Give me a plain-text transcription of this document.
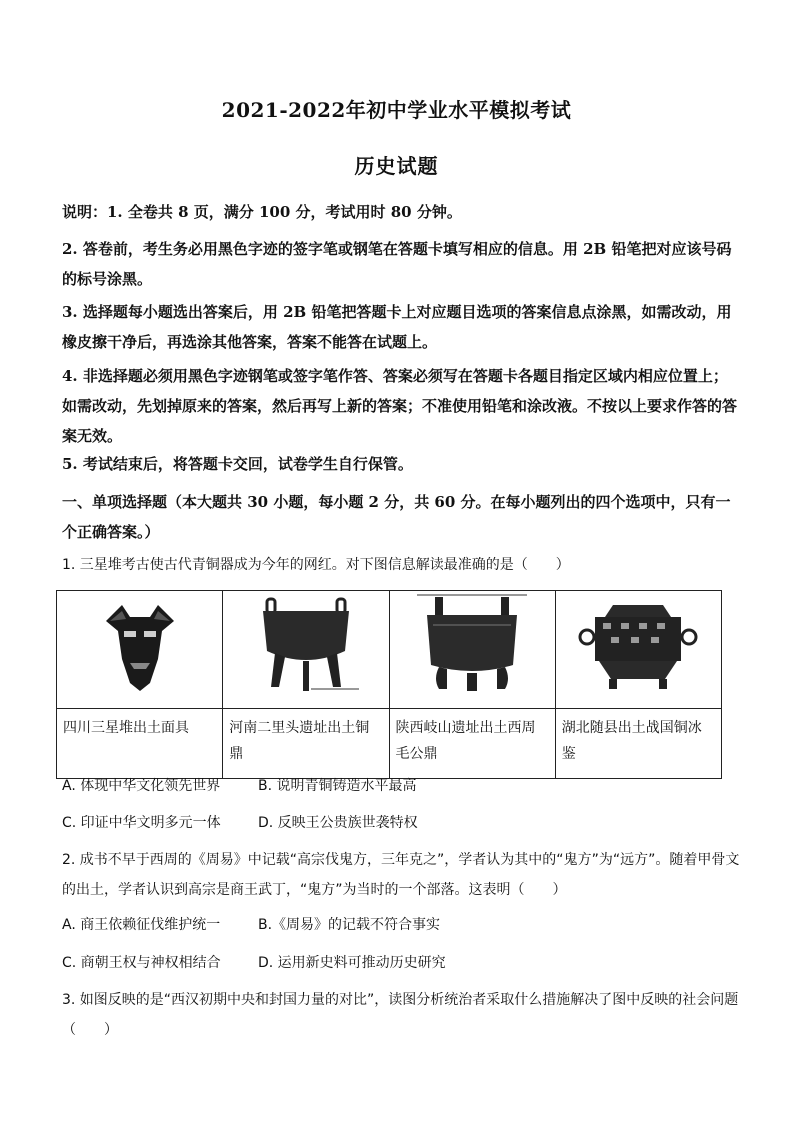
2021-2022年初中学业水平模拟考试
历史试题
说明：1. 全卷共 8 页，满分 100 分，考试用时 80 分钟。
2. 答卷前，考生务必用黑色字迹的签字笔或钢笔在答题卡填写相应的信息。用 2B 铅笔把对应该号码的标号涂黑。
3. 选择题每小题选出答案后，用 2B 铅笔把答题卡上对应题目选项的答案信息点涂黑，如需改动，用橡皮擦干净后，再选涂其他答案，答案不能答在试题上。
4. 非选择题必须用黑色字迹钢笔或签字笔作答、答案必须写在答题卡各题目指定区域内相应位置上；如需改动，先划掉原来的答案，然后再写上新的答案；不准使用铅笔和涂改液。不按以上要求作答的答案无效。
5. 考试结束后，将答题卡交回，试卷学生自行保管。
一、单项选择题（本大题共 30 小题，每小题 2 分，共 60 分。在每小题列出的四个选项中，只有一个正确答案。）
1. 三星堆考古使古代青铜器成为今年的网红。对下图信息解读最准确的是（　　）

四川三星堆出土面具	河南二里头遗址出土铜鼎	陕西岐山遗址出土西周毛公鼎	湖北随县出土战国铜冰鉴
A. 体现中华文化领先世界	B. 说明青铜铸造水平最高
C. 印证中华文明多元一体	D. 反映王公贵族世袭特权
2. 成书不早于西周的《周易》中记载“高宗伐鬼方，三年克之”，学者认为其中的“鬼方”为“远方”。随着甲骨文的出土，学者认识到高宗是商王武丁，“鬼方”为当时的一个部落。这表明（　　）
A. 商王依赖征伐维护统一	B.《周易》的记载不符合事实
C. 商朝王权与神权相结合	D. 运用新史料可推动历史研究
3. 如图反映的是“西汉初期中央和封国力量的对比”，读图分析统治者采取什么措施解决了图中反映的社会问题（　　）
